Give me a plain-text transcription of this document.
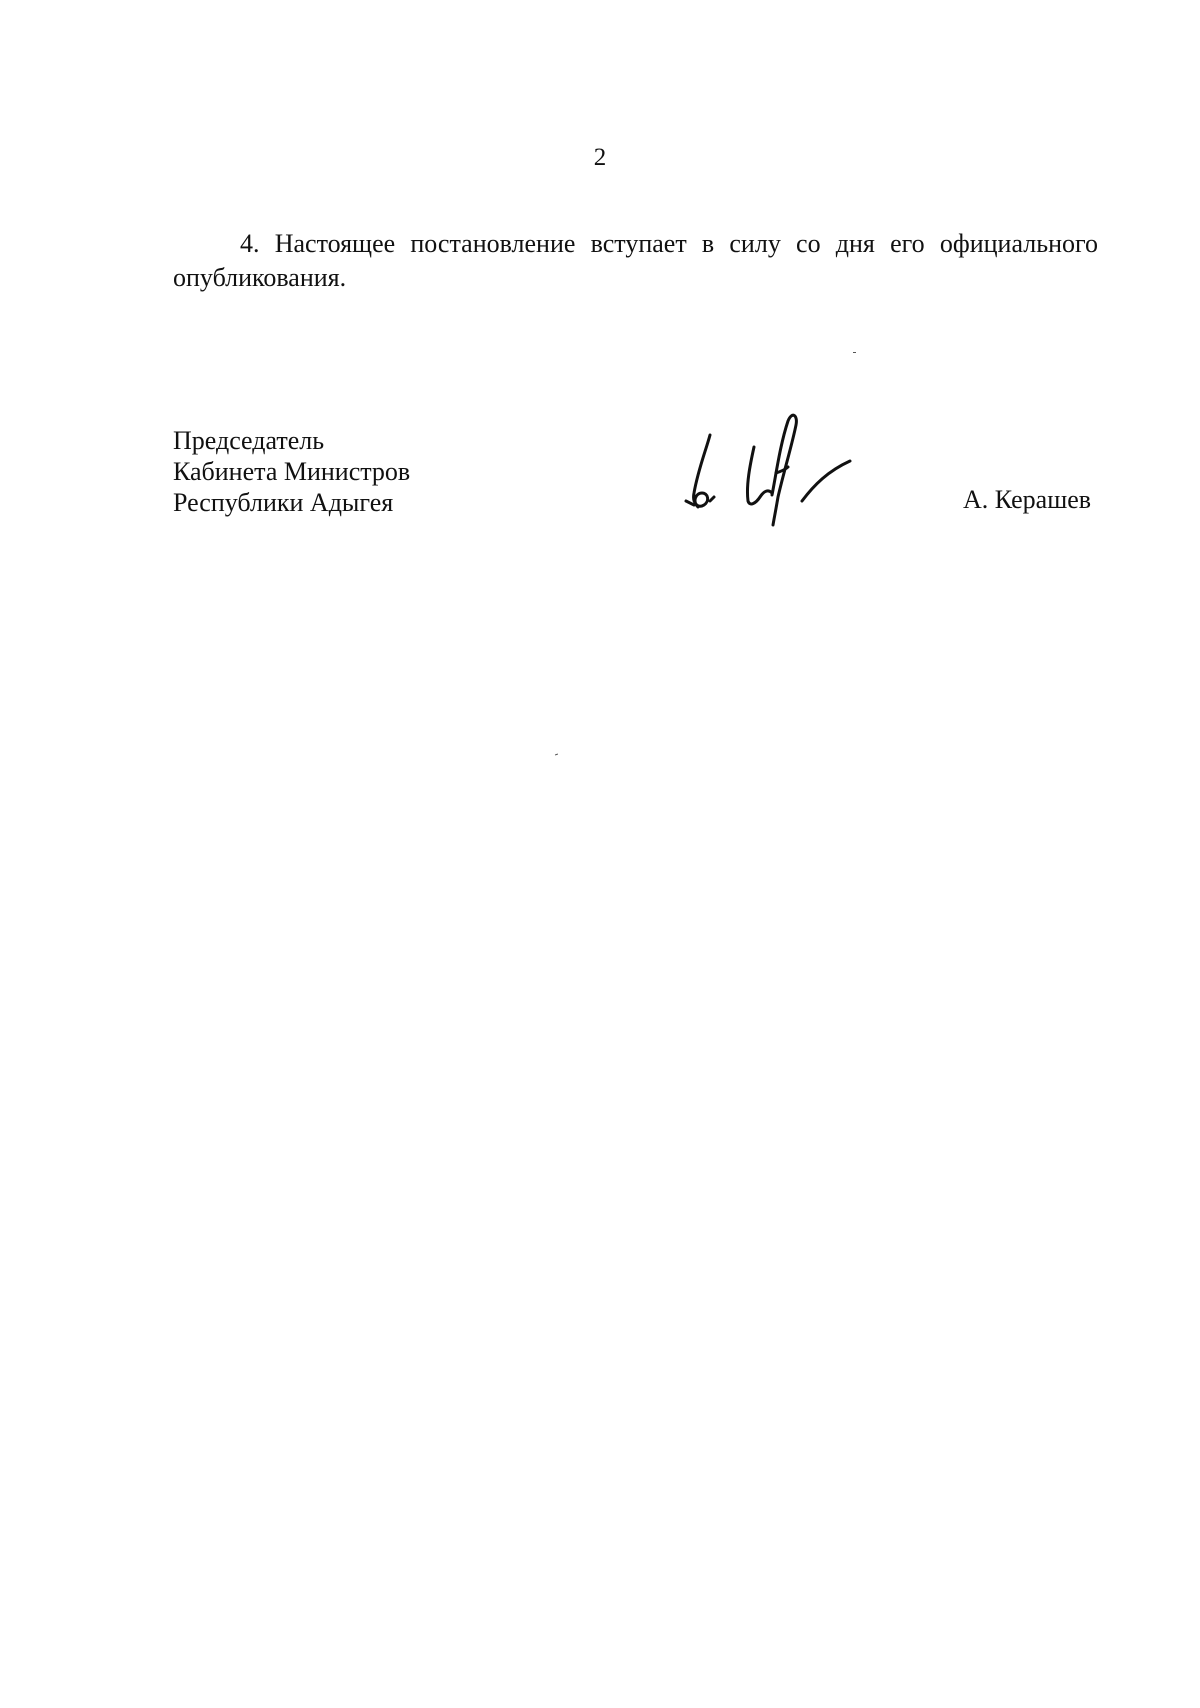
2

4. Настоящее постановление вступает в силу со дня его официального опубликования.

Председатель
Кабинета Министров
Республики Адыгея	А. Керашев
